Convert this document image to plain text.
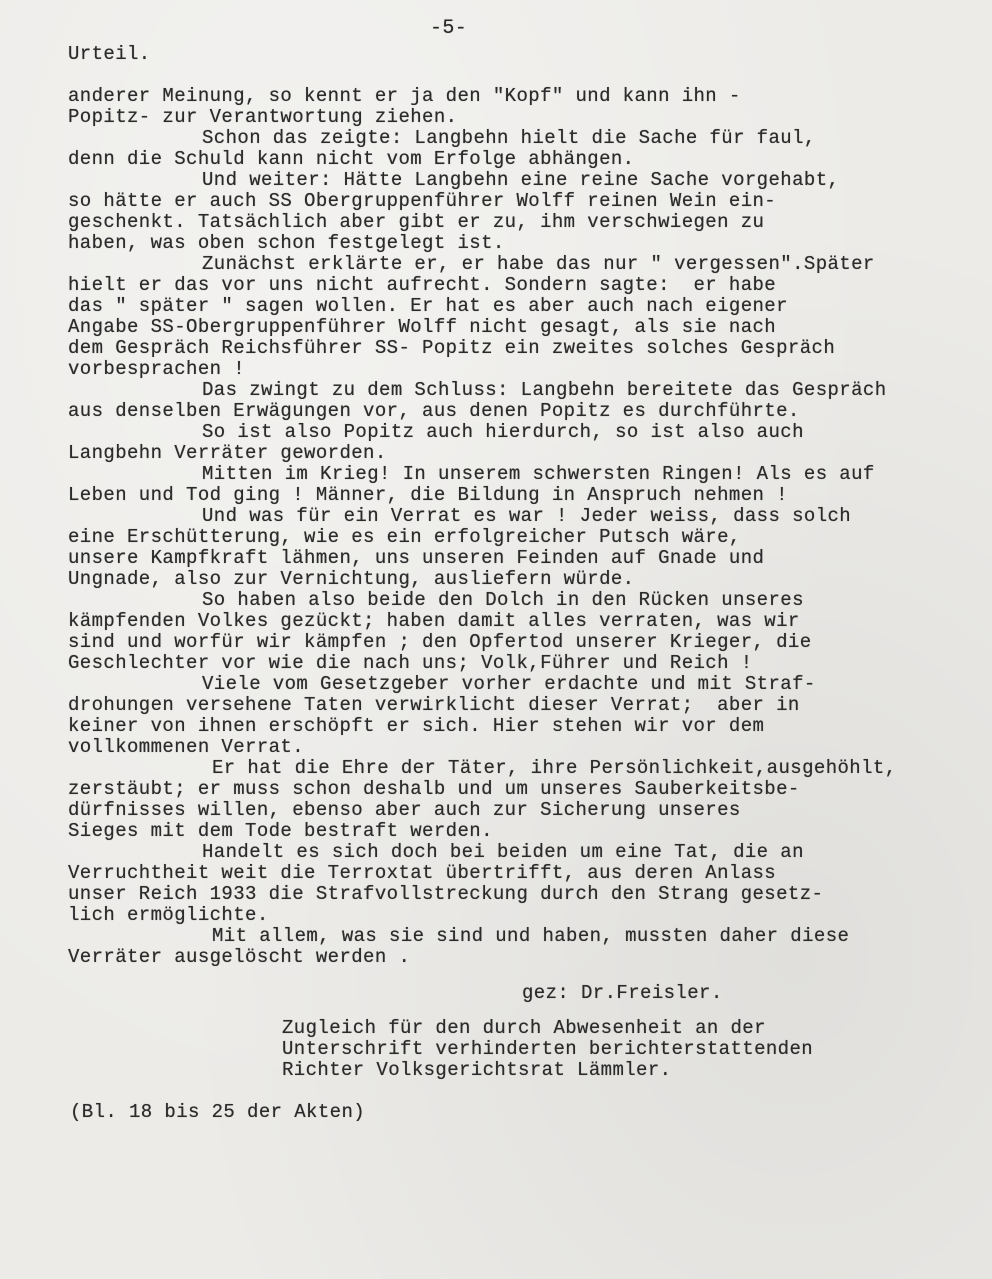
-5-
Urteil.
anderer Meinung, so kennt er ja den "Kopf" und kann ihn -
Popitz- zur Verantwortung ziehen.
Schon das zeigte: Langbehn hielt die Sache für faul,
denn die Schuld kann nicht vom Erfolge abhängen.
Und weiter: Hätte Langbehn eine reine Sache vorgehabt,
so hätte er auch SS Obergruppenführer Wolff reinen Wein ein-
geschenkt. Tatsächlich aber gibt er zu, ihm verschwiegen zu
haben, was oben schon festgelegt ist.
Zunächst erklärte er, er habe das nur " vergessen".Später
hielt er das vor uns nicht aufrecht. Sondern sagte:  er habe
das " später " sagen wollen. Er hat es aber auch nach eigener
Angabe SS-Obergruppenführer Wolff nicht gesagt, als sie nach
dem Gespräch Reichsführer SS- Popitz ein zweites solches Gespräch
vorbesprachen !
Das zwingt zu dem Schluss: Langbehn bereitete das Gespräch
aus denselben Erwägungen vor, aus denen Popitz es durchführte.
So ist also Popitz auch hierdurch, so ist also auch
Langbehn Verräter geworden.
Mitten im Krieg! In unserem schwersten Ringen! Als es auf
Leben und Tod ging ! Männer, die Bildung in Anspruch nehmen !
Und was für ein Verrat es war ! Jeder weiss, dass solch
eine Erschütterung, wie es ein erfolgreicher Putsch wäre,
unsere Kampfkraft lähmen, uns unseren Feinden auf Gnade und
Ungnade, also zur Vernichtung, ausliefern würde.
So haben also beide den Dolch in den Rücken unseres
kämpfenden Volkes gezückt; haben damit alles verraten, was wir
sind und worfür wir kämpfen ; den Opfertod unserer Krieger, die
Geschlechter vor wie die nach uns; Volk,Führer und Reich !
Viele vom Gesetzgeber vorher erdachte und mit Straf-
drohungen versehene Taten verwirklicht dieser Verrat;  aber in
keiner von ihnen erschöpft er sich. Hier stehen wir vor dem
vollkommenen Verrat.
Er hat die Ehre der Täter, ihre Persönlichkeit,ausgehöhlt,
zerstäubt; er muss schon deshalb und um unseres Sauberkeitsbe-
dürfnisses willen, ebenso aber auch zur Sicherung unseres
Sieges mit dem Tode bestraft werden.
Handelt es sich doch bei beiden um eine Tat, die an
Verruchtheit weit die Terroxtat übertrifft, aus deren Anlass
unser Reich 1933 die Strafvollstreckung durch den Strang gesetz-
lich ermöglichte.
Mit allem, was sie sind und haben, mussten daher diese
Verräter ausgelöscht werden .
gez: Dr.Freisler.
Zugleich für den durch Abwesenheit an der
Unterschrift verhinderten berichterstattenden
Richter Volksgerichtsrat Lämmler.
(Bl. 18 bis 25 der Akten)
